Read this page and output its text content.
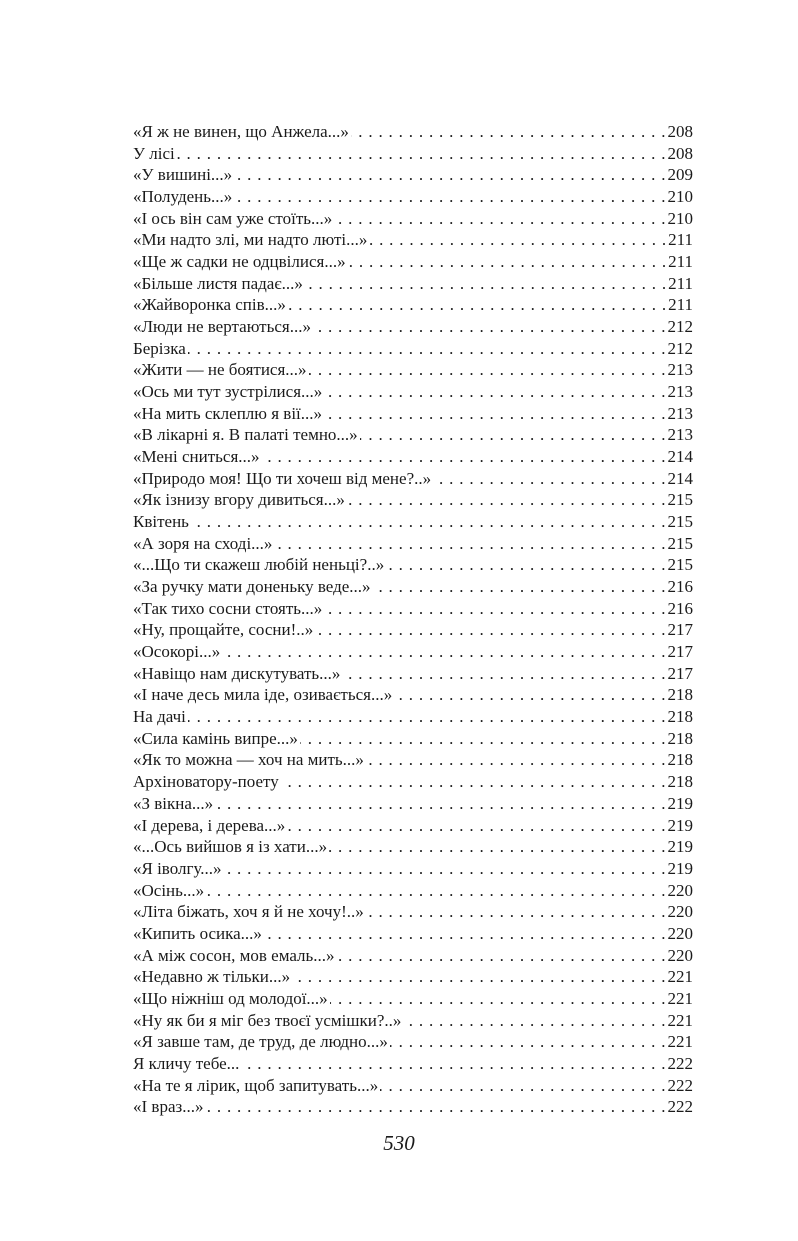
«Я ж не винен, що Анжела...» . . .	208
У лісі . . .	208
«У вишині...» . . .	209
«Полудень...» . . .	210
«І ось він сам уже стоїть...» . . .	210
«Ми надто злі, ми надто люті...» . . .	211
«Ще ж садки не одцвілися...» . . .	211
«Більше листя падає...» . . .	211
«Жайворонка спів...» . . .	211
«Люди не вертаються...» . . .	212
Берізка . . .	212
«Жити — не боятися...» . . .	213
«Ось ми тут зустрілися...» . . .	213
«На мить склеплю я вії...» . . .	213
«В лікарні я. В палаті темно...» . . .	213
«Мені сниться...» . . .	214
«Природо моя! Що ти хочеш від мене?..» . . .	214
«Як ізнизу вгору дивиться...» . . .	215
Квітень . . .	215
«А зоря на сході...» . . .	215
«...Що ти скажеш любій неньці?..» . . .	215
«За ручку мати доненьку веде...» . . .	216
«Так тихо сосни стоять...» . . .	216
«Ну, прощайте, сосни!..» . . .	217
«Осокорі...» . . .	217
«Навіщо нам дискутувать...» . . .	217
«І наче десь мила іде, озивається...» . . .	218
На дачі . . .	218
«Сила камінь випре...» . . .	218
«Як то можна — хоч на мить...» . . .	218
Архіноватору-поету . . .	218
«З вікна...» . . .	219
«І дерева, і дерева...» . . .	219
«...Ось вийшов я із хати...» . . .	219
«Я іволгу...» . . .	219
«Осінь...» . . .	220
«Літа біжать, хоч я й не хочу!..» . . .	220
«Кипить осика...» . . .	220
«А між сосон, мов емаль...» . . .	220
«Недавно ж тільки...» . . .	221
«Що ніжніш од молодої...» . . .	221
«Ну як би я міг без твоєї усмішки?..» . . .	221
«Я завше там, де труд, де людно...» . . .	221
Я кличу тебе... . . .	222
«На те я лірик, щоб запитувать...» . . .	222
«І враз...» . . .	222
530
